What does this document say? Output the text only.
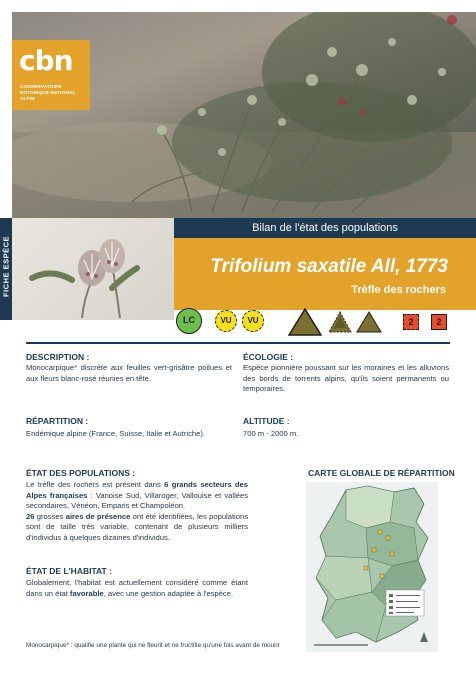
cbn
CONSERVATOIRE
BOTANIQUE NATIONAL
ALPIN
FICHE ESPÈCE
Bilan de l'état des populations
Trifolium saxatile All, 1773
Trèfle des rochers
LC	VU	VU	2	2
DESCRIPTION :
Monocarpique* discrète aux feuilles vert-grisâtre poilues et aux fleurs blanc-rosé réunies en tête.
ÉCOLOGIE :
Espèce pionnière poussant sur les moraines et les alluvions des bords de torrents alpins, qu'ils soient permanents ou temporaires.
RÉPARTITION :
Endémique alpine (France, Suisse, Italie et Autriche).
ALTITUDE :
700 m - 2000 m.
ÉTAT DES POPULATIONS :
Le trèfle des rochers est présent dans 6 grands secteurs des Alpes françaises : Vanoise Sud, Villaroger, Vallouise et vallées secondaires, Vénéon, Emparis et Champoléon.
26 grosses aires de présence ont été identifiées, les populations sont de taille très variable, contenant de plusieurs milliers d'individus à quelques dizaines d'individus.
ÉTAT DE L'HABITAT :
Globalement, l'habitat est actuellement considéré comme étant dans un état favorable, avec une gestion adaptée à l'espèce.
CARTE GLOBALE DE RÉPARTITION
Monocarpique* : qualifie une plante qui ne fleurit et ne fructifie qu'une fois avant de mourir
